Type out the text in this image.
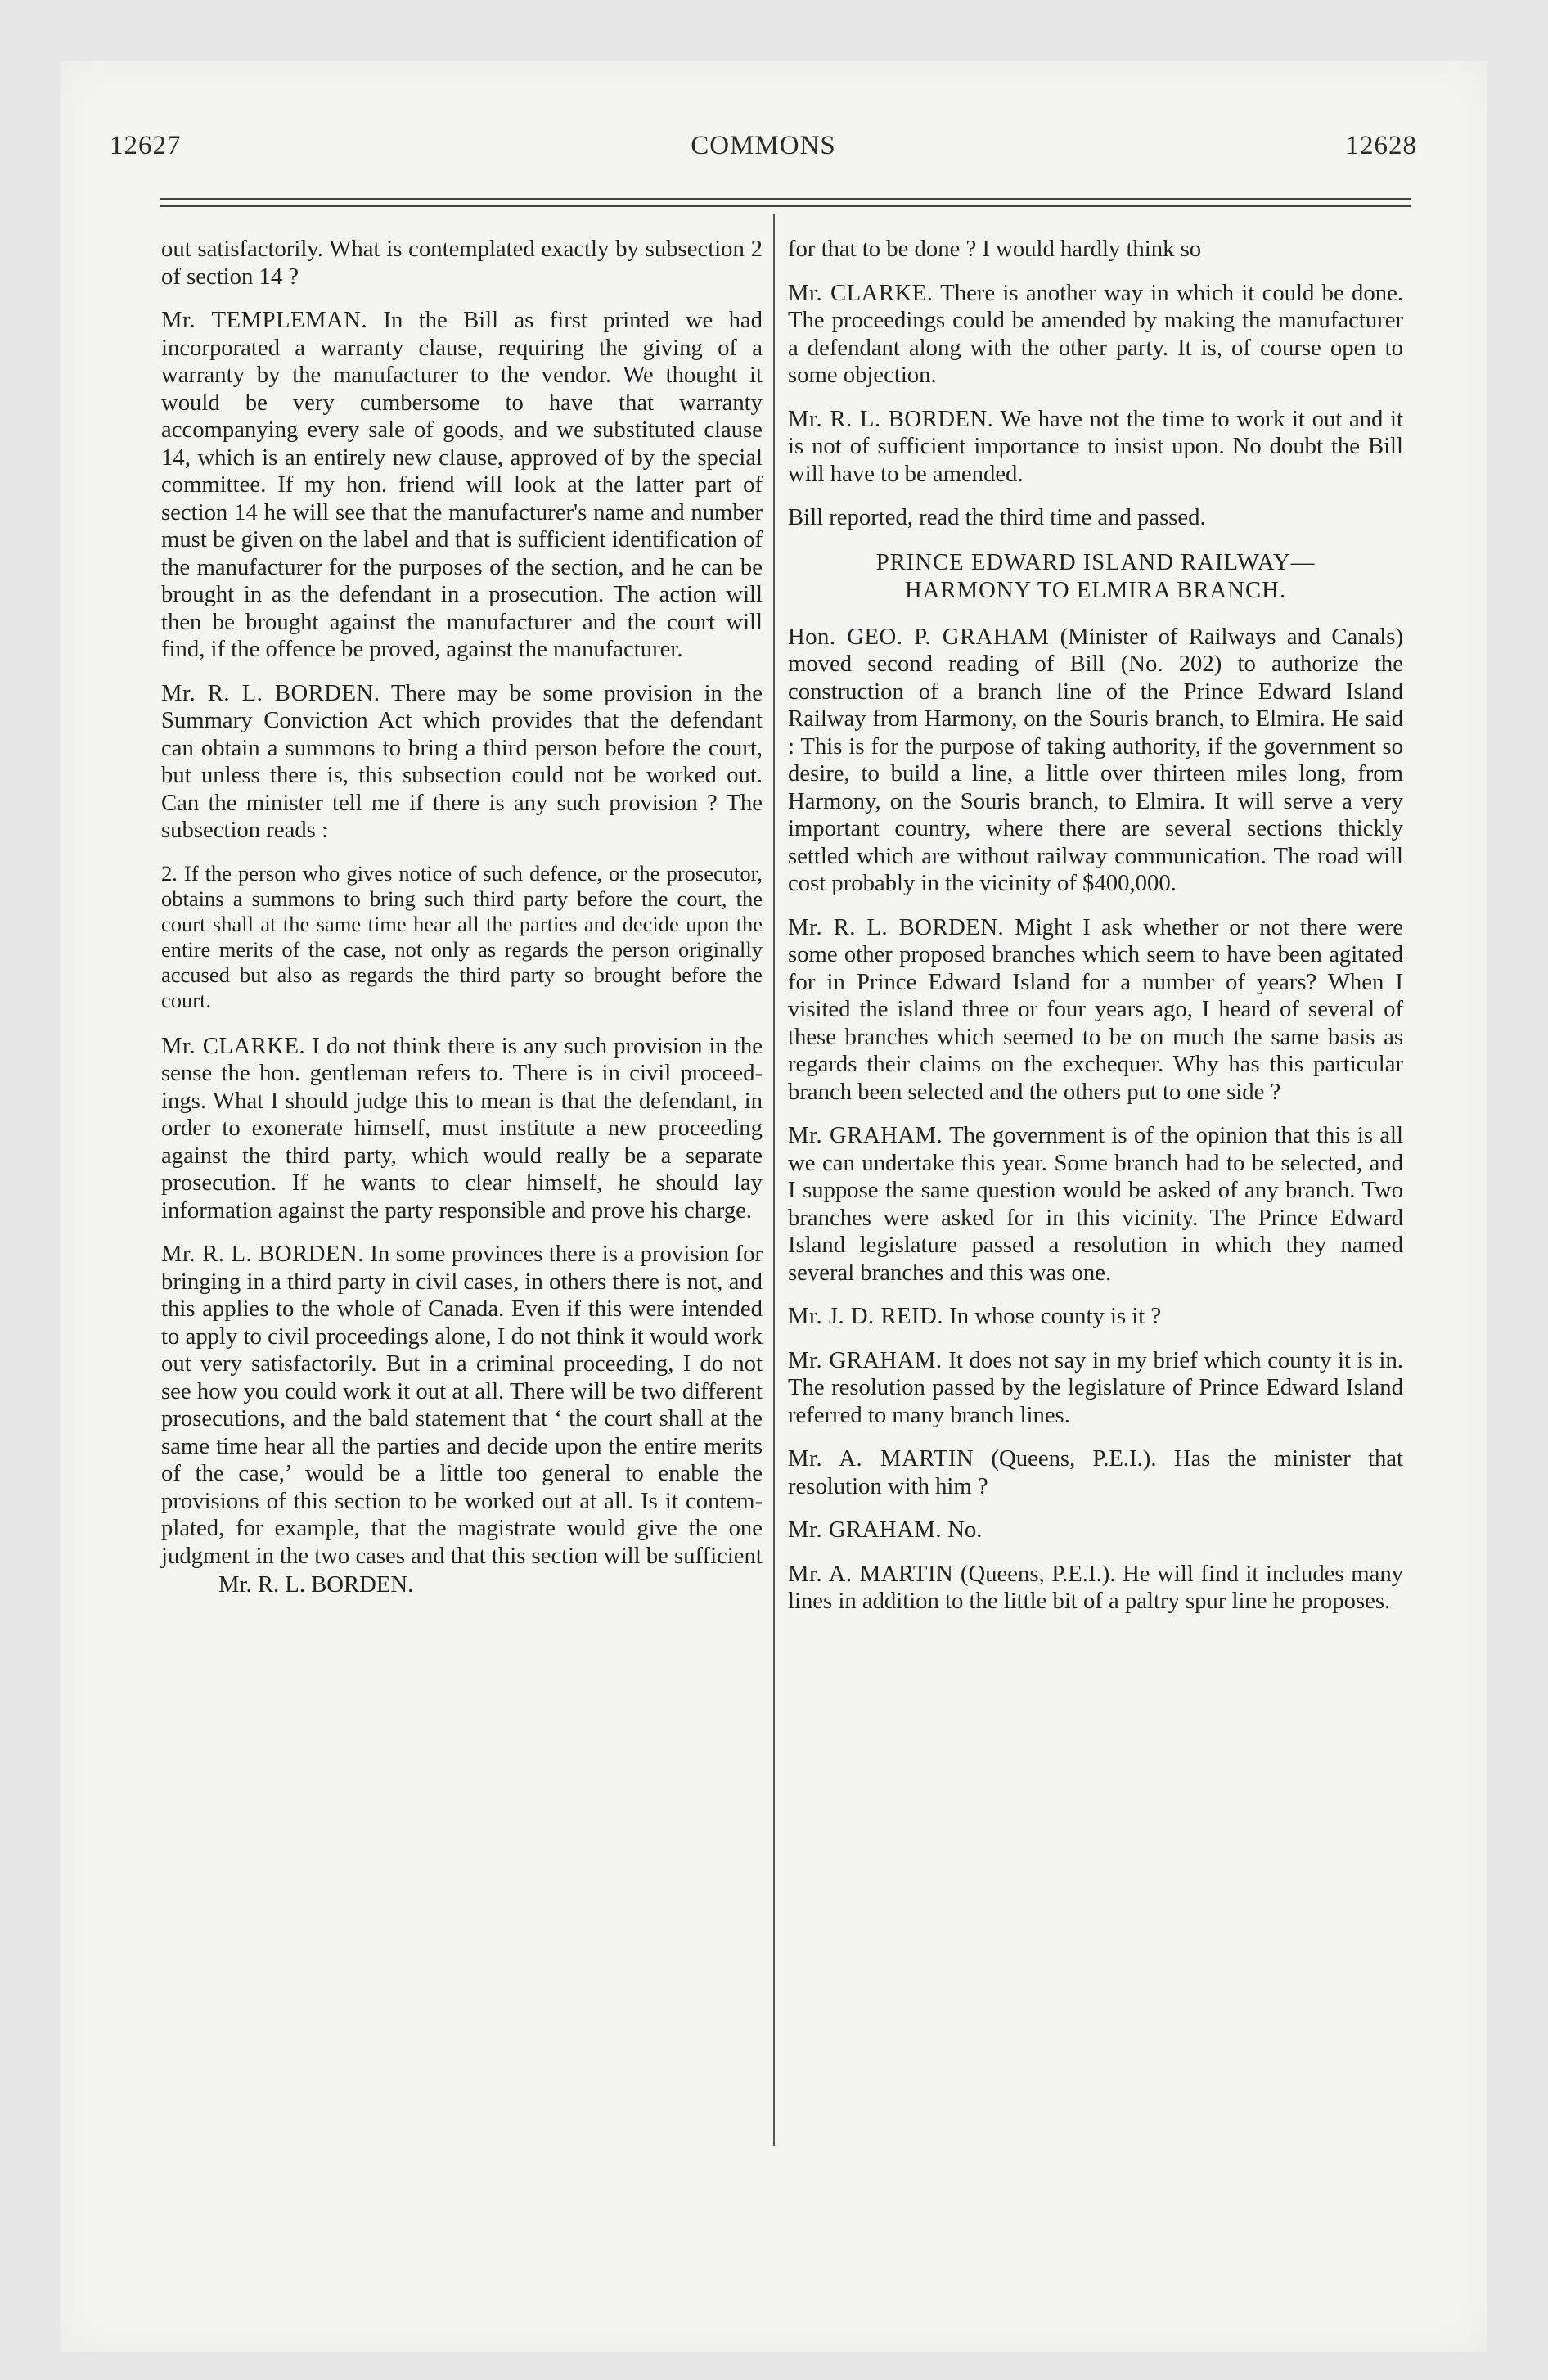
12627	COMMONS	12628

out satisfactorily. What is contemplated exactly by subsection 2 of section 14 ?

Mr. TEMPLEMAN. In the Bill as first printed we had incorporated a warranty clause, requiring the giving of a warranty by the manufacturer to the vendor. We thought it would be very cumbersome to have that warranty accompanying every sale of goods, and we substituted clause 14, which is an entirely new clause, approved of by the special committee. If my hon. friend will look at the latter part of section 14 he will see that the manufacturer's name and number must be given on the label and that is sufficient identification of the manufacturer for the purposes of the section, and he can be brought in as the defendant in a prosecution. The action will then be brought against the manufacturer and the court will find, if the offence be proved, against the manufacturer.

Mr. R. L. BORDEN. There may be some provision in the Summary Conviction Act which provides that the defendant can obtain a summons to bring a third person before the court, but unless there is, this subsection could not be worked out. Can the minister tell me if there is any such provision ? The subsection reads :

2. If the person who gives notice of such defence, or the prosecutor, obtains a summons to bring such third party before the court, the court shall at the same time hear all the parties and decide upon the entire merits of the case, not only as regards the person originally accused but also as regards the third party so brought before the court.

Mr. CLARKE. I do not think there is any such provision in the sense the hon. gentleman refers to. There is in civil proceedings. What I should judge this to mean is that the defendant, in order to exonerate himself, must institute a new proceeding against the third party, which would really be a separate prosecution. If he wants to clear himself, he should lay information against the party responsible and prove his charge.

Mr. R. L. BORDEN. In some provinces there is a provision for bringing in a third party in civil cases, in others there is not, and this applies to the whole of Canada. Even if this were intended to apply to civil proceedings alone, I do not think it would work out very satisfactorily. But in a criminal proceeding, I do not see how you could work it out at all. There will be two different prosecutions, and the bald statement that ‘ the court shall at the same time hear all the parties and decide upon the entire merits of the case,’ would be a little too general to enable the provisions of this section to be worked out at all. Is it contemplated, for example, that the magistrate would give the one judgment in the two cases and that this section will be sufficient

Mr. R. L. BORDEN.

for that to be done ? I would hardly think so

Mr. CLARKE. There is another way in which it could be done. The proceedings could be amended by making the manufacturer a defendant along with the other party. It is, of course open to some objection.

Mr. R. L. BORDEN. We have not the time to work it out and it is not of sufficient importance to insist upon. No doubt the Bill will have to be amended.

Bill reported, read the third time and passed.

PRINCE EDWARD ISLAND RAILWAY—
HARMONY TO ELMIRA BRANCH.

Hon. GEO. P. GRAHAM (Minister of Railways and Canals) moved second reading of Bill (No. 202) to authorize the construction of a branch line of the Prince Edward Island Railway from Harmony, on the Souris branch, to Elmira. He said : This is for the purpose of taking authority, if the government so desire, to build a line, a little over thirteen miles long, from Harmony, on the Souris branch, to Elmira. It will serve a very important country, where there are several sections thickly settled which are without railway communication. The road will cost probably in the vicinity of $400,000.

Mr. R. L. BORDEN. Might I ask whether or not there were some other proposed branches which seem to have been agitated for in Prince Edward Island for a number of years? When I visited the island three or four years ago, I heard of several of these branches which seemed to be on much the same basis as regards their claims on the exchequer. Why has this particular branch been selected and the others put to one side ?

Mr. GRAHAM. The government is of the opinion that this is all we can undertake this year. Some branch had to be selected, and I suppose the same question would be asked of any branch. Two branches were asked for in this vicinity. The Prince Edward Island legislature passed a resolution in which they named several branches and this was one.

Mr. J. D. REID. In whose county is it ?

Mr. GRAHAM. It does not say in my brief which county it is in. The resolution passed by the legislature of Prince Edward Island referred to many branch lines.

Mr. A. MARTIN (Queens, P.E.I.). Has the minister that resolution with him ?

Mr. GRAHAM. No.

Mr. A. MARTIN (Queens, P.E.I.). He will find it includes many lines in addition to the little bit of a paltry spur line he proposes.
